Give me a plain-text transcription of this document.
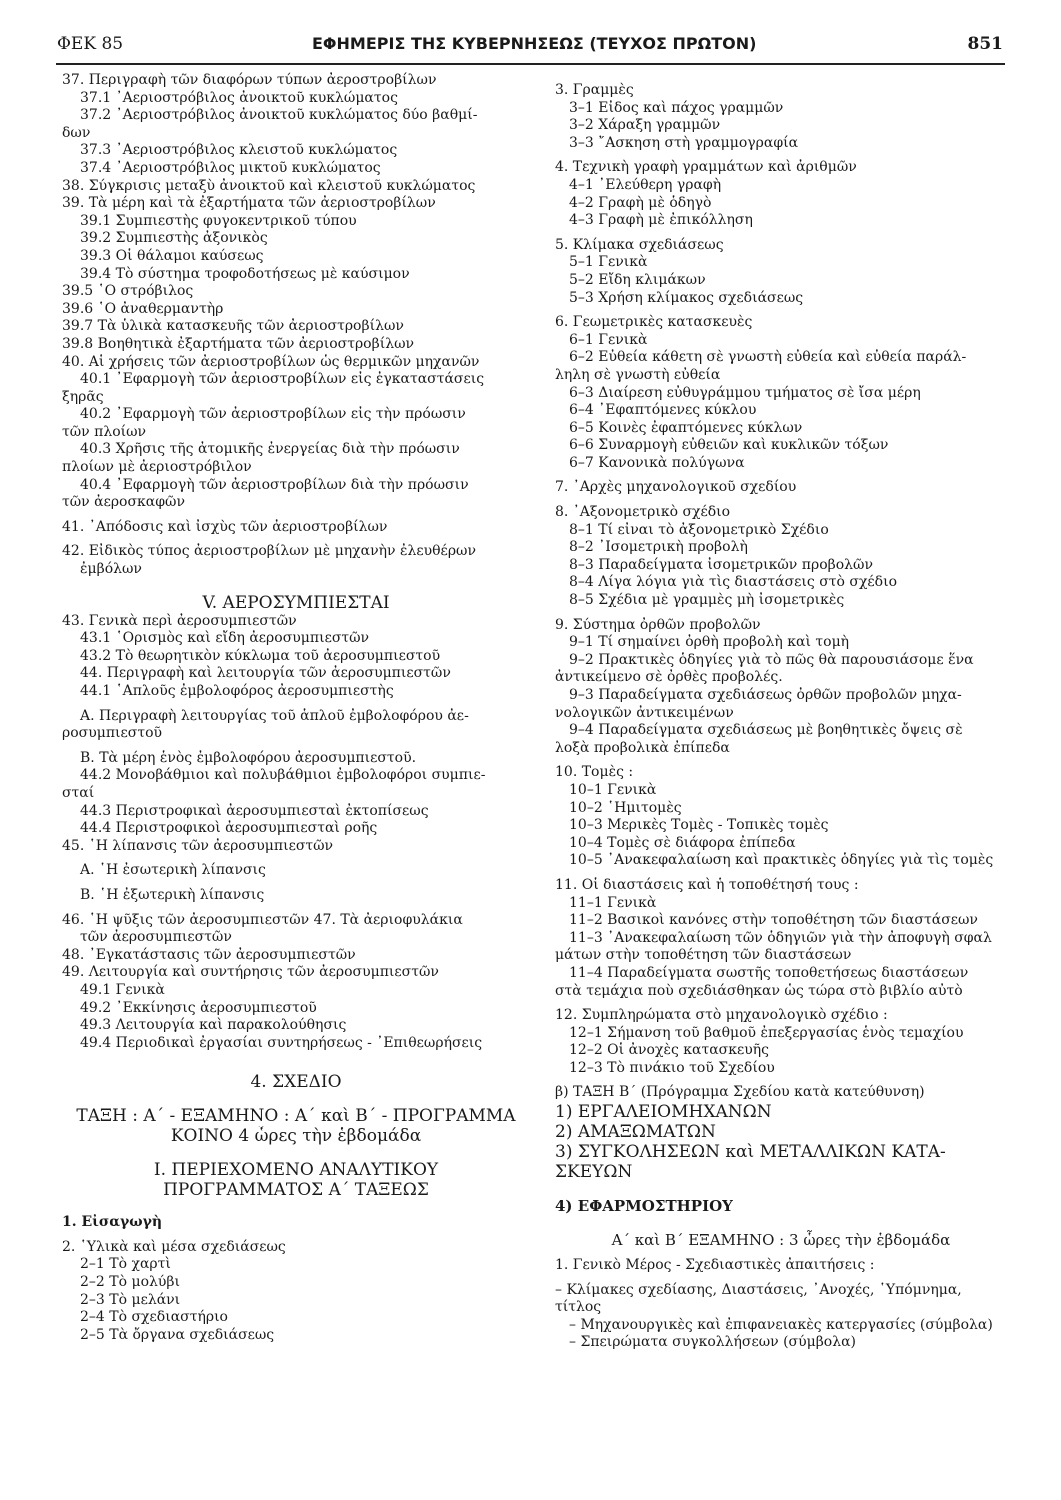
ΦΕΚ 85	ΕΦΗΜΕΡΙΣ ΤΗΣ ΚΥΒΕΡΝΗΣΕΩΣ (ΤΕΥΧΟΣ ΠΡΩΤΟΝ)	851
37. Περιγραφὴ τῶν διαφόρων τύπων ἀεροστροβίλων
37.1 ᾿Αεριοστρόβιλος ἀνοικτοῦ κυκλώματος
37.2 ᾿Αεριοστρόβιλος ἀνοικτοῦ κυκλώματος δύο βαθμί-
δων
37.3 ᾿Αεριοστρόβιλος κλειστοῦ κυκλώματος
37.4 ᾿Αεριοστρόβιλος μικτοῦ κυκλώματος
38. Σύγκρισις μεταξὺ ἀνοικτοῦ καὶ κλειστοῦ κυκλώματος
39. Τὰ μέρη καὶ τὰ ἐξαρτήματα τῶν ἀεριοστροβίλων
39.1 Συμπιεστὴς φυγοκεντρικοῦ τύπου
39.2 Συμπιεστὴς ἀξονικὸς
39.3 Οἱ θάλαμοι καύσεως
39.4 Τὸ σύστημα τροφοδοτήσεως μὲ καύσιμον
39.5 ῾Ο στρόβιλος
39.6 ῾Ο ἀναθερμαντὴρ
39.7 Τὰ ὑλικὰ κατασκευῆς τῶν ἀεριοστροβίλων
39.8 Βοηθητικὰ ἐξαρτήματα τῶν ἀεριοστροβίλων
40. Αἱ χρήσεις τῶν ἀεριοστροβίλων ὡς θερμικῶν μηχανῶν
40.1 ᾿Εφαρμογὴ τῶν ἀεριοστροβίλων εἰς ἐγκαταστάσεις
ξηρᾶς
40.2 ᾿Εφαρμογὴ τῶν ἀεριοστροβίλων εἰς τὴν πρόωσιν
τῶν πλοίων
40.3 Χρῆσις τῆς ἀτομικῆς ἐνεργείας διὰ τὴν πρόωσιν
πλοίων μὲ ἀεριοστρόβιλον
40.4 ᾿Εφαρμογὴ τῶν ἀεριοστροβίλων διὰ τὴν πρόωσιν
τῶν ἀεροσκαφῶν
41. ᾿Απόδοσις καὶ ἰσχὺς τῶν ἀεριοστροβίλων
42. Εἰδικὸς τύπος ἀεριοστροβίλων μὲ μηχανὴν ἐλευθέρων
ἐμβόλων
V. ΑΕΡΟΣΥΜΠΙΕΣΤΑΙ
43. Γενικὰ περὶ ἀεροσυμπιεστῶν
43.1 ῾Ορισμὸς καὶ εἴδη ἀεροσυμπιεστῶν
43.2 Τὸ θεωρητικὸν κύκλωμα τοῦ ἀεροσυμπιεστοῦ
44. Περιγραφὴ καὶ λειτουργία τῶν ἀεροσυμπιεστῶν
44.1 ῾Απλοῦς ἐμβολοφόρος ἀεροσυμπιεστὴς
Α. Περιγραφὴ λειτουργίας τοῦ ἁπλοῦ ἐμβολοφόρου ἀε-
ροσυμπιεστοῦ
Β. Τὰ μέρη ἑνὸς ἐμβολοφόρου ἀεροσυμπιεστοῦ.
44.2 Μονοβάθμιοι καὶ πολυβάθμιοι ἐμβολοφόροι συμπιε-
σταί
44.3 Περιστροφικαὶ ἀεροσυμπιεσταὶ ἐκτοπίσεως
44.4 Περιστροφικοὶ ἀεροσυμπιεσταὶ ροῆς
45. ῾Η λίπανσις τῶν ἀεροσυμπιεστῶν
Α. ῾Η ἐσωτερικὴ λίπανσις
Β. ῾Η ἐξωτερικὴ λίπανσις
46. ῾Η ψῦξις τῶν ἀεροσυμπιεστῶν 47. Τὰ ἀεριοφυλάκια
τῶν ἀεροσυμπιεστῶν
48. ᾿Εγκατάστασις τῶν ἀεροσυμπιεστῶν
49. Λειτουργία καὶ συντήρησις τῶν ἀεροσυμπιεστῶν
49.1 Γενικὰ
49.2 ᾿Εκκίνησις ἀεροσυμπιεστοῦ
49.3 Λειτουργία καὶ παρακολούθησις
49.4 Περιοδικαὶ ἐργασίαι συντηρήσεως - ᾿Επιθεωρήσεις
4. ΣΧΕΔΙΟ
ΤΑΞΗ : Α΄ - ΕΞΑΜΗΝΟ : Α΄ καὶ Β΄ - ΠΡΟΓΡΑΜΜΑ
ΚΟΙΝΟ 4 ὧρες τὴν ἑβδομάδα
Ι. ΠΕΡΙΕΧΟΜΕΝΟ ΑΝΑΛΥΤΙΚΟΥ
ΠΡΟΓΡΑΜΜΑΤΟΣ Α΄ ΤΑΞΕΩΣ
1. Εἰσαγωγὴ
2. ῾Υλικὰ καὶ μέσα σχεδιάσεως
2–1 Τὸ χαρτὶ
2–2 Τὸ μολύβι
2–3 Τὸ μελάνι
2–4 Τὸ σχεδιαστήριο
2–5 Τὰ ὄργανα σχεδιάσεως
3. Γραμμὲς
3–1 Εἶδος καὶ πάχος γραμμῶν
3–2 Χάραξη γραμμῶν
3–3 ῎Ασκηση στὴ γραμμογραφία
4. Τεχνικὴ γραφὴ γραμμάτων καὶ ἀριθμῶν
4–1 ᾿Ελεύθερη γραφὴ
4–2 Γραφὴ μὲ ὁδηγὸ
4–3 Γραφὴ μὲ ἐπικόλληση
5. Κλίμακα σχεδιάσεως
5–1 Γενικὰ
5–2 Εἴδη κλιμάκων
5–3 Χρήση κλίμακος σχεδιάσεως
6. Γεωμετρικὲς κατασκευὲς
6–1 Γενικὰ
6–2 Εὐθεία κάθετη σὲ γνωστὴ εὐθεία καὶ εὐθεία παράλ-
ληλη σὲ γνωστὴ εὐθεία
6–3 Διαίρεση εὐθυγράμμου τμήματος σὲ ἴσα μέρη
6–4 ᾿Εφαπτόμενες κύκλου
6–5 Κοινὲς ἐφαπτόμενες κύκλων
6–6 Συναρμογὴ εὐθειῶν καὶ κυκλικῶν τόξων
6–7 Κανονικὰ πολύγωνα
7. ᾿Αρχὲς μηχανολογικοῦ σχεδίου
8. ᾿Αξονομετρικὸ σχέδιο
8–1 Τί εἶναι τὸ ἀξονομετρικὸ Σχέδιο
8–2 ᾿Ισομετρικὴ προβολὴ
8–3 Παραδείγματα ἰσομετρικῶν προβολῶν
8–4 Λίγα λόγια γιὰ τὶς διαστάσεις στὸ σχέδιο
8–5 Σχέδια μὲ γραμμὲς μὴ ἰσομετρικὲς
9. Σύστημα ὀρθῶν προβολῶν
9–1 Τί σημαίνει ὀρθὴ προβολὴ καὶ τομὴ
9–2 Πρακτικὲς ὁδηγίες γιὰ τὸ πῶς θὰ παρουσιάσομε ἕνα
ἀντικείμενο σὲ ὀρθὲς προβολές.
9–3 Παραδείγματα σχεδιάσεως ὀρθῶν προβολῶν μηχα-
νολογικῶν ἀντικειμένων
9–4 Παραδείγματα σχεδιάσεως μὲ βοηθητικὲς ὄψεις σὲ
λοξὰ προβολικὰ ἐπίπεδα
10. Τομὲς :
10–1 Γενικὰ
10–2 ῾Ημιτομὲς
10–3 Μερικὲς Τομὲς - Τοπικὲς τομὲς
10–4 Τομὲς σὲ διάφορα ἐπίπεδα
10–5 ᾿Ανακεφαλαίωση καὶ πρακτικὲς ὁδηγίες γιὰ τὶς τομὲς
11. Οἱ διαστάσεις καὶ ἡ τοποθέτησή τους :
11–1 Γενικὰ
11–2 Βασικοὶ κανόνες στὴν τοποθέτηση τῶν διαστάσεων
11–3 ᾿Ανακεφαλαίωση τῶν ὁδηγιῶν γιὰ τὴν ἀποφυγὴ σφαλ
μάτων στὴν τοποθέτηση τῶν διαστάσεων
11–4 Παραδείγματα σωστῆς τοποθετήσεως διαστάσεων
στὰ τεμάχια ποὺ σχεδιάσθηκαν ὡς τώρα στὸ βιβλίο αὐτὸ
12. Συμπληρώματα στὸ μηχανολογικὸ σχέδιο :
12–1 Σήμανση τοῦ βαθμοῦ ἐπεξεργασίας ἑνὸς τεμαχίου
12–2 Οἱ ἀνοχὲς κατασκευῆς
12–3 Τὸ πινάκιο τοῦ Σχεδίου
β) ΤΑΞΗ Β΄ (Πρόγραμμα Σχεδίου κατὰ κατεύθυνση)
1) ΕΡΓΑΛΕΙΟΜΗΧΑΝΩΝ
2) ΑΜΑΞΩΜΑΤΩΝ
3) ΣΥΓΚΟΛΗΣΕΩΝ καὶ ΜΕΤΑΛΛΙΚΩΝ ΚΑΤΑ-
ΣΚΕΥΩΝ
4) ΕΦΑΡΜΟΣΤΗΡΙΟΥ
Α΄ καὶ Β΄ ΕΞΑΜΗΝΟ : 3 ὧρες τὴν ἑβδομάδα
1. Γενικὸ Μέρος - Σχεδιαστικὲς ἀπαιτήσεις :
– Κλίμακες σχεδίασης, Διαστάσεις, ᾿Ανοχές, ῾Υπόμνημα,
τίτλος
– Μηχανουργικὲς καὶ ἐπιφανειακὲς κατεργασίες (σύμβολα)
– Σπειρώματα συγκολλήσεων (σύμβολα)
